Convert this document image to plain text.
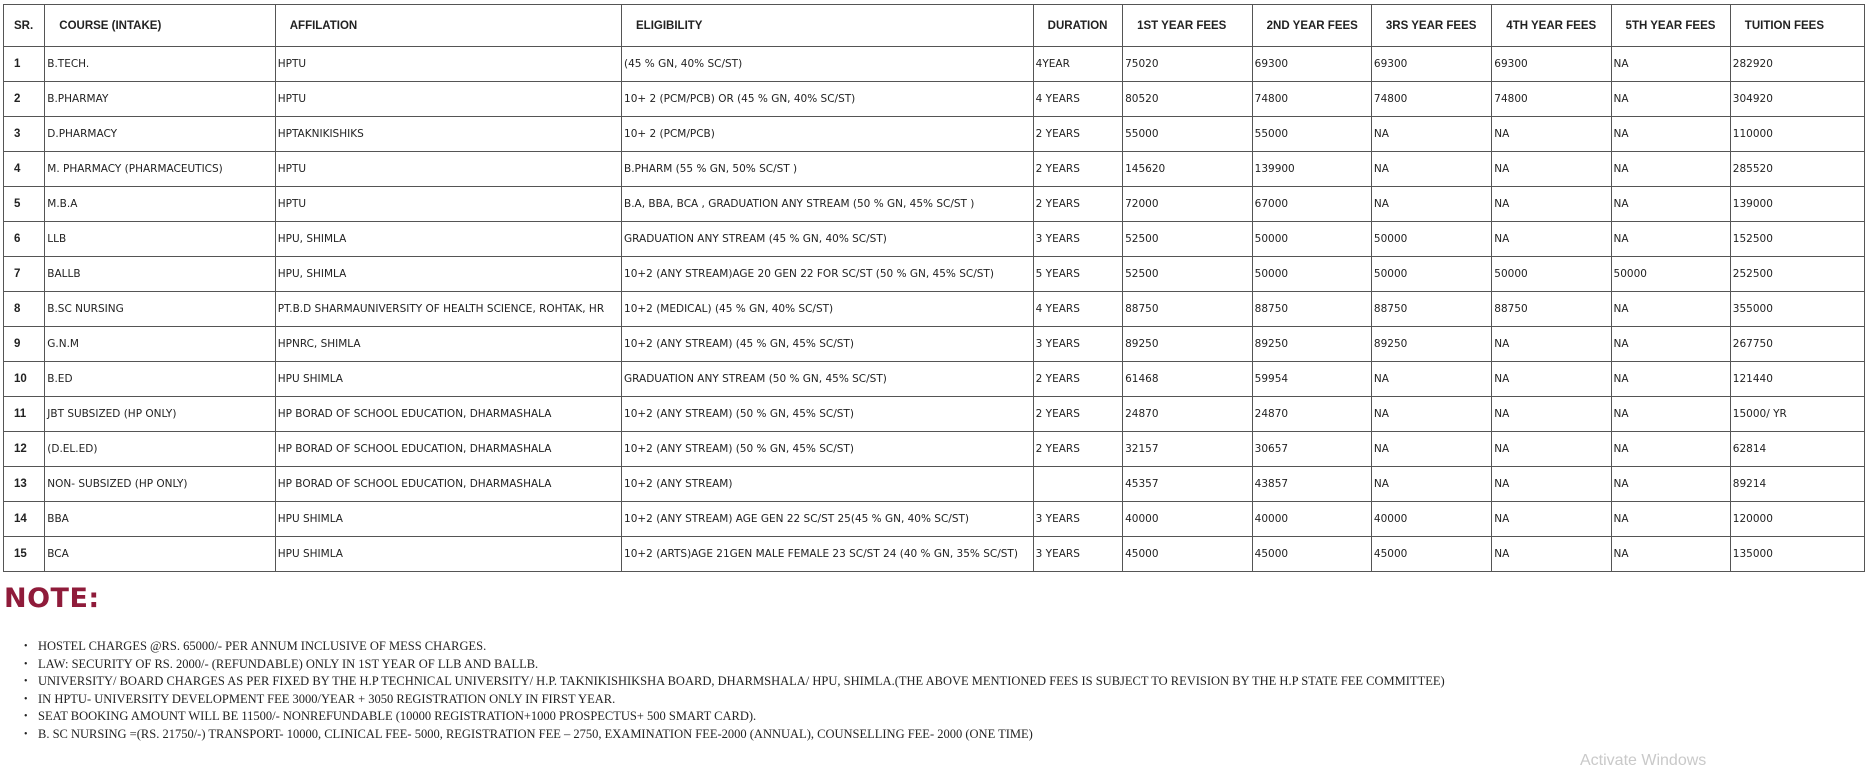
SR.	COURSE (INTAKE)	AFFILATION	ELIGIBILITY	DURATION	1ST YEAR FEES	2ND YEAR FEES	3RS YEAR FEES	4TH YEAR FEES	5TH YEAR FEES	TUITION FEES
1	B.TECH.	HPTU	(45 % GN, 40% SC/ST)	4YEAR	75020	69300	69300	69300	NA	282920
2	B.PHARMAY	HPTU	10+ 2 (PCM/PCB) OR (45 % GN, 40% SC/ST)	4 YEARS	80520	74800	74800	74800	NA	304920
3	D.PHARMACY	HPTAKNIKISHIKS	10+ 2 (PCM/PCB)	2 YEARS	55000	55000	NA	NA	NA	110000
4	M. PHARMACY (PHARMACEUTICS)	HPTU	B.PHARM (55 % GN, 50% SC/ST )	2 YEARS	145620	139900	NA	NA	NA	285520
5	M.B.A	HPTU	B.A, BBA, BCA , GRADUATION ANY STREAM (50 % GN, 45% SC/ST )	2 YEARS	72000	67000	NA	NA	NA	139000
6	LLB	HPU, SHIMLA	GRADUATION ANY STREAM (45 % GN, 40% SC/ST)	3 YEARS	52500	50000	50000	NA	NA	152500
7	BALLB	HPU, SHIMLA	10+2 (ANY STREAM)AGE 20 GEN 22 FOR SC/ST (50 % GN, 45% SC/ST)	5 YEARS	52500	50000	50000	50000	50000	252500
8	B.SC NURSING	PT.B.D SHARMAUNIVERSITY OF HEALTH SCIENCE, ROHTAK, HR	10+2 (MEDICAL) (45 % GN, 40% SC/ST)	4 YEARS	88750	88750	88750	88750	NA	355000
9	G.N.M	HPNRC, SHIMLA	10+2 (ANY STREAM) (45 % GN, 45% SC/ST)	3 YEARS	89250	89250	89250	NA	NA	267750
10	B.ED	HPU SHIMLA	GRADUATION ANY STREAM (50 % GN, 45% SC/ST)	2 YEARS	61468	59954	NA	NA	NA	121440
11	JBT SUBSIZED (HP ONLY)	HP BORAD OF SCHOOL EDUCATION, DHARMASHALA	10+2 (ANY STREAM) (50 % GN, 45% SC/ST)	2 YEARS	24870	24870	NA	NA	NA	15000/ YR
12	(D.EL.ED)	HP BORAD OF SCHOOL EDUCATION, DHARMASHALA	10+2 (ANY STREAM) (50 % GN, 45% SC/ST)	2 YEARS	32157	30657	NA	NA	NA	62814
13	NON- SUBSIZED (HP ONLY)	HP BORAD OF SCHOOL EDUCATION, DHARMASHALA	10+2 (ANY STREAM)		45357	43857	NA	NA	NA	89214
14	BBA	HPU SHIMLA	10+2 (ANY STREAM) AGE GEN 22 SC/ST 25(45 % GN, 40% SC/ST)	3 YEARS	40000	40000	40000	NA	NA	120000
15	BCA	HPU SHIMLA	10+2 (ARTS)AGE 21GEN MALE FEMALE 23 SC/ST 24 (40 % GN, 35% SC/ST)	3 YEARS	45000	45000	45000	NA	NA	135000
NOTE:
• HOSTEL CHARGES @RS. 65000/- PER ANNUM INCLUSIVE OF MESS CHARGES.
• LAW: SECURITY OF RS. 2000/- (REFUNDABLE) ONLY IN 1ST YEAR OF LLB AND BALLB.
• UNIVERSITY/ BOARD CHARGES AS PER FIXED BY THE H.P TECHNICAL UNIVERSITY/ H.P. TAKNIKISHIKSHA BOARD, DHARMSHALA/ HPU, SHIMLA.(THE ABOVE MENTIONED FEES IS SUBJECT TO REVISION BY THE H.P STATE FEE COMMITTEE)
• IN HPTU- UNIVERSITY DEVELOPMENT FEE 3000/YEAR + 3050 REGISTRATION ONLY IN FIRST YEAR.
• SEAT BOOKING AMOUNT WILL BE 11500/- NONREFUNDABLE (10000 REGISTRATION+1000 PROSPECTUS+ 500 SMART CARD).
• B. SC NURSING =(RS. 21750/-) TRANSPORT- 10000, CLINICAL FEE- 5000, REGISTRATION FEE – 2750, EXAMINATION FEE-2000 (ANNUAL), COUNSELLING FEE- 2000 (ONE TIME)
Activate Windows
